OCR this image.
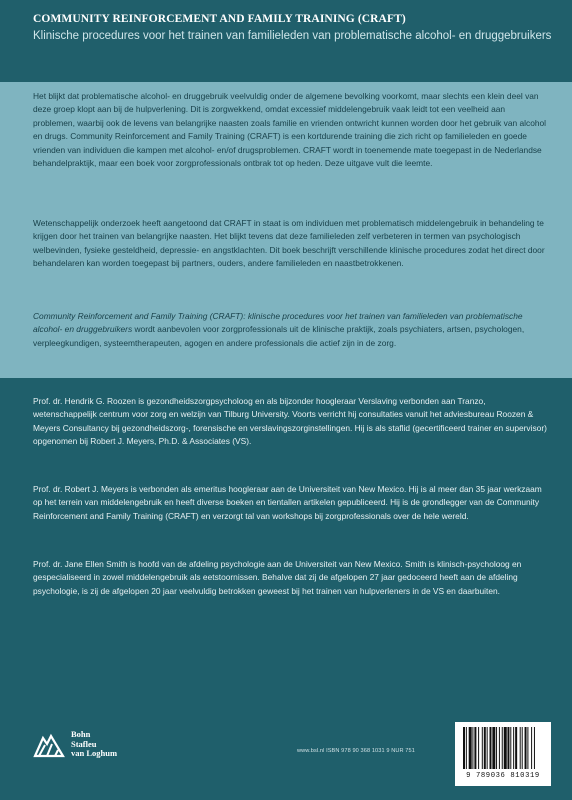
COMMUNITY REINFORCEMENT AND FAMILY TRAINING (CRAFT)
Klinische procedures voor het trainen van familieleden van problematische alcohol- en druggebruikers

Het blijkt dat problematische alcohol- en druggebruik veelvuldig onder de algemene bevolking voorkomt, maar slechts een klein deel van deze groep klopt aan bij de hulpverlening. Dit is zorgwekkend, omdat excessief middelengebruik vaak leidt tot een veelheid aan problemen, waarbij ook de levens van belangrijke naasten zoals familie en vrienden ontwricht kunnen worden door het gebruik van alcohol en drugs. Community Reinforcement and Family Training (CRAFT) is een kortdurende training die zich richt op familieleden en goede vrienden van individuen die kampen met alcohol- en/of drugsproblemen. CRAFT wordt in toenemende mate toegepast in de Nederlandse behandelpraktijk, maar een boek voor zorgprofessionals ontbrak tot op heden. Deze uitgave vult die leemte.

Wetenschappelijk onderzoek heeft aangetoond dat CRAFT in staat is om individuen met problematisch middelengebruik in behandeling te krijgen door het trainen van belangrijke naasten. Het blijkt tevens dat deze familieleden zelf verbeteren in termen van psychologisch welbevinden, fysieke gesteldheid, depressie- en angstklachten. Dit boek beschrijft verschillende klinische procedures zodat het direct door behandelaren kan worden toegepast bij partners, ouders, andere familieleden en naastbetrokkenen.

Community Reinforcement and Family Training (CRAFT): klinische procedures voor het trainen van familieleden van problematische alcohol- en druggebruikers wordt aanbevolen voor zorgprofessionals uit de klinische praktijk, zoals psychiaters, artsen, psychologen, verpleegkundigen, systeemtherapeuten, agogen en andere professionals die actief zijn in de zorg.

Prof. dr. Hendrik G. Roozen is gezondheidszorgpsycholoog en als bijzonder hoogleraar Verslaving verbonden aan Tranzo, wetenschappelijk centrum voor zorg en welzijn van Tilburg University. Voorts verricht hij consultaties vanuit het adviesbureau Roozen & Meyers Consultancy bij gezondheidszorg-, forensische en verslavingszorginstellingen. Hij is als staflid (gecertificeerd trainer en supervisor) opgenomen bij Robert J. Meyers, Ph.D. & Associates (VS).

Prof. dr. Robert J. Meyers is verbonden als emeritus hoogleraar aan de Universiteit van New Mexico. Hij is al meer dan 35 jaar werkzaam op het terrein van middelengebruik en heeft diverse boeken en tientallen artikelen gepubliceerd. Hij is de grondlegger van de Community Reinforcement and Family Training (CRAFT) en verzorgt tal van workshops bij zorgprofessionals over de hele wereld.

Prof. dr. Jane Ellen Smith is hoofd van de afdeling psychologie aan de Universiteit van New Mexico. Smith is klinisch-psycholoog en gespecialiseerd in zowel middelengebruik als eetstoornissen. Behalve dat zij de afgelopen 27 jaar gedoceerd heeft aan de afdeling psychologie, is zij de afgelopen 20 jaar veelvuldig betrokken geweest bij het trainen van hulpverleners in de VS en daarbuiten.

Bohn
Stafleu
van Loghum	www.bsl.nl ISBN 978 90 368 1031 9 NUR 751
9 789036 810319
